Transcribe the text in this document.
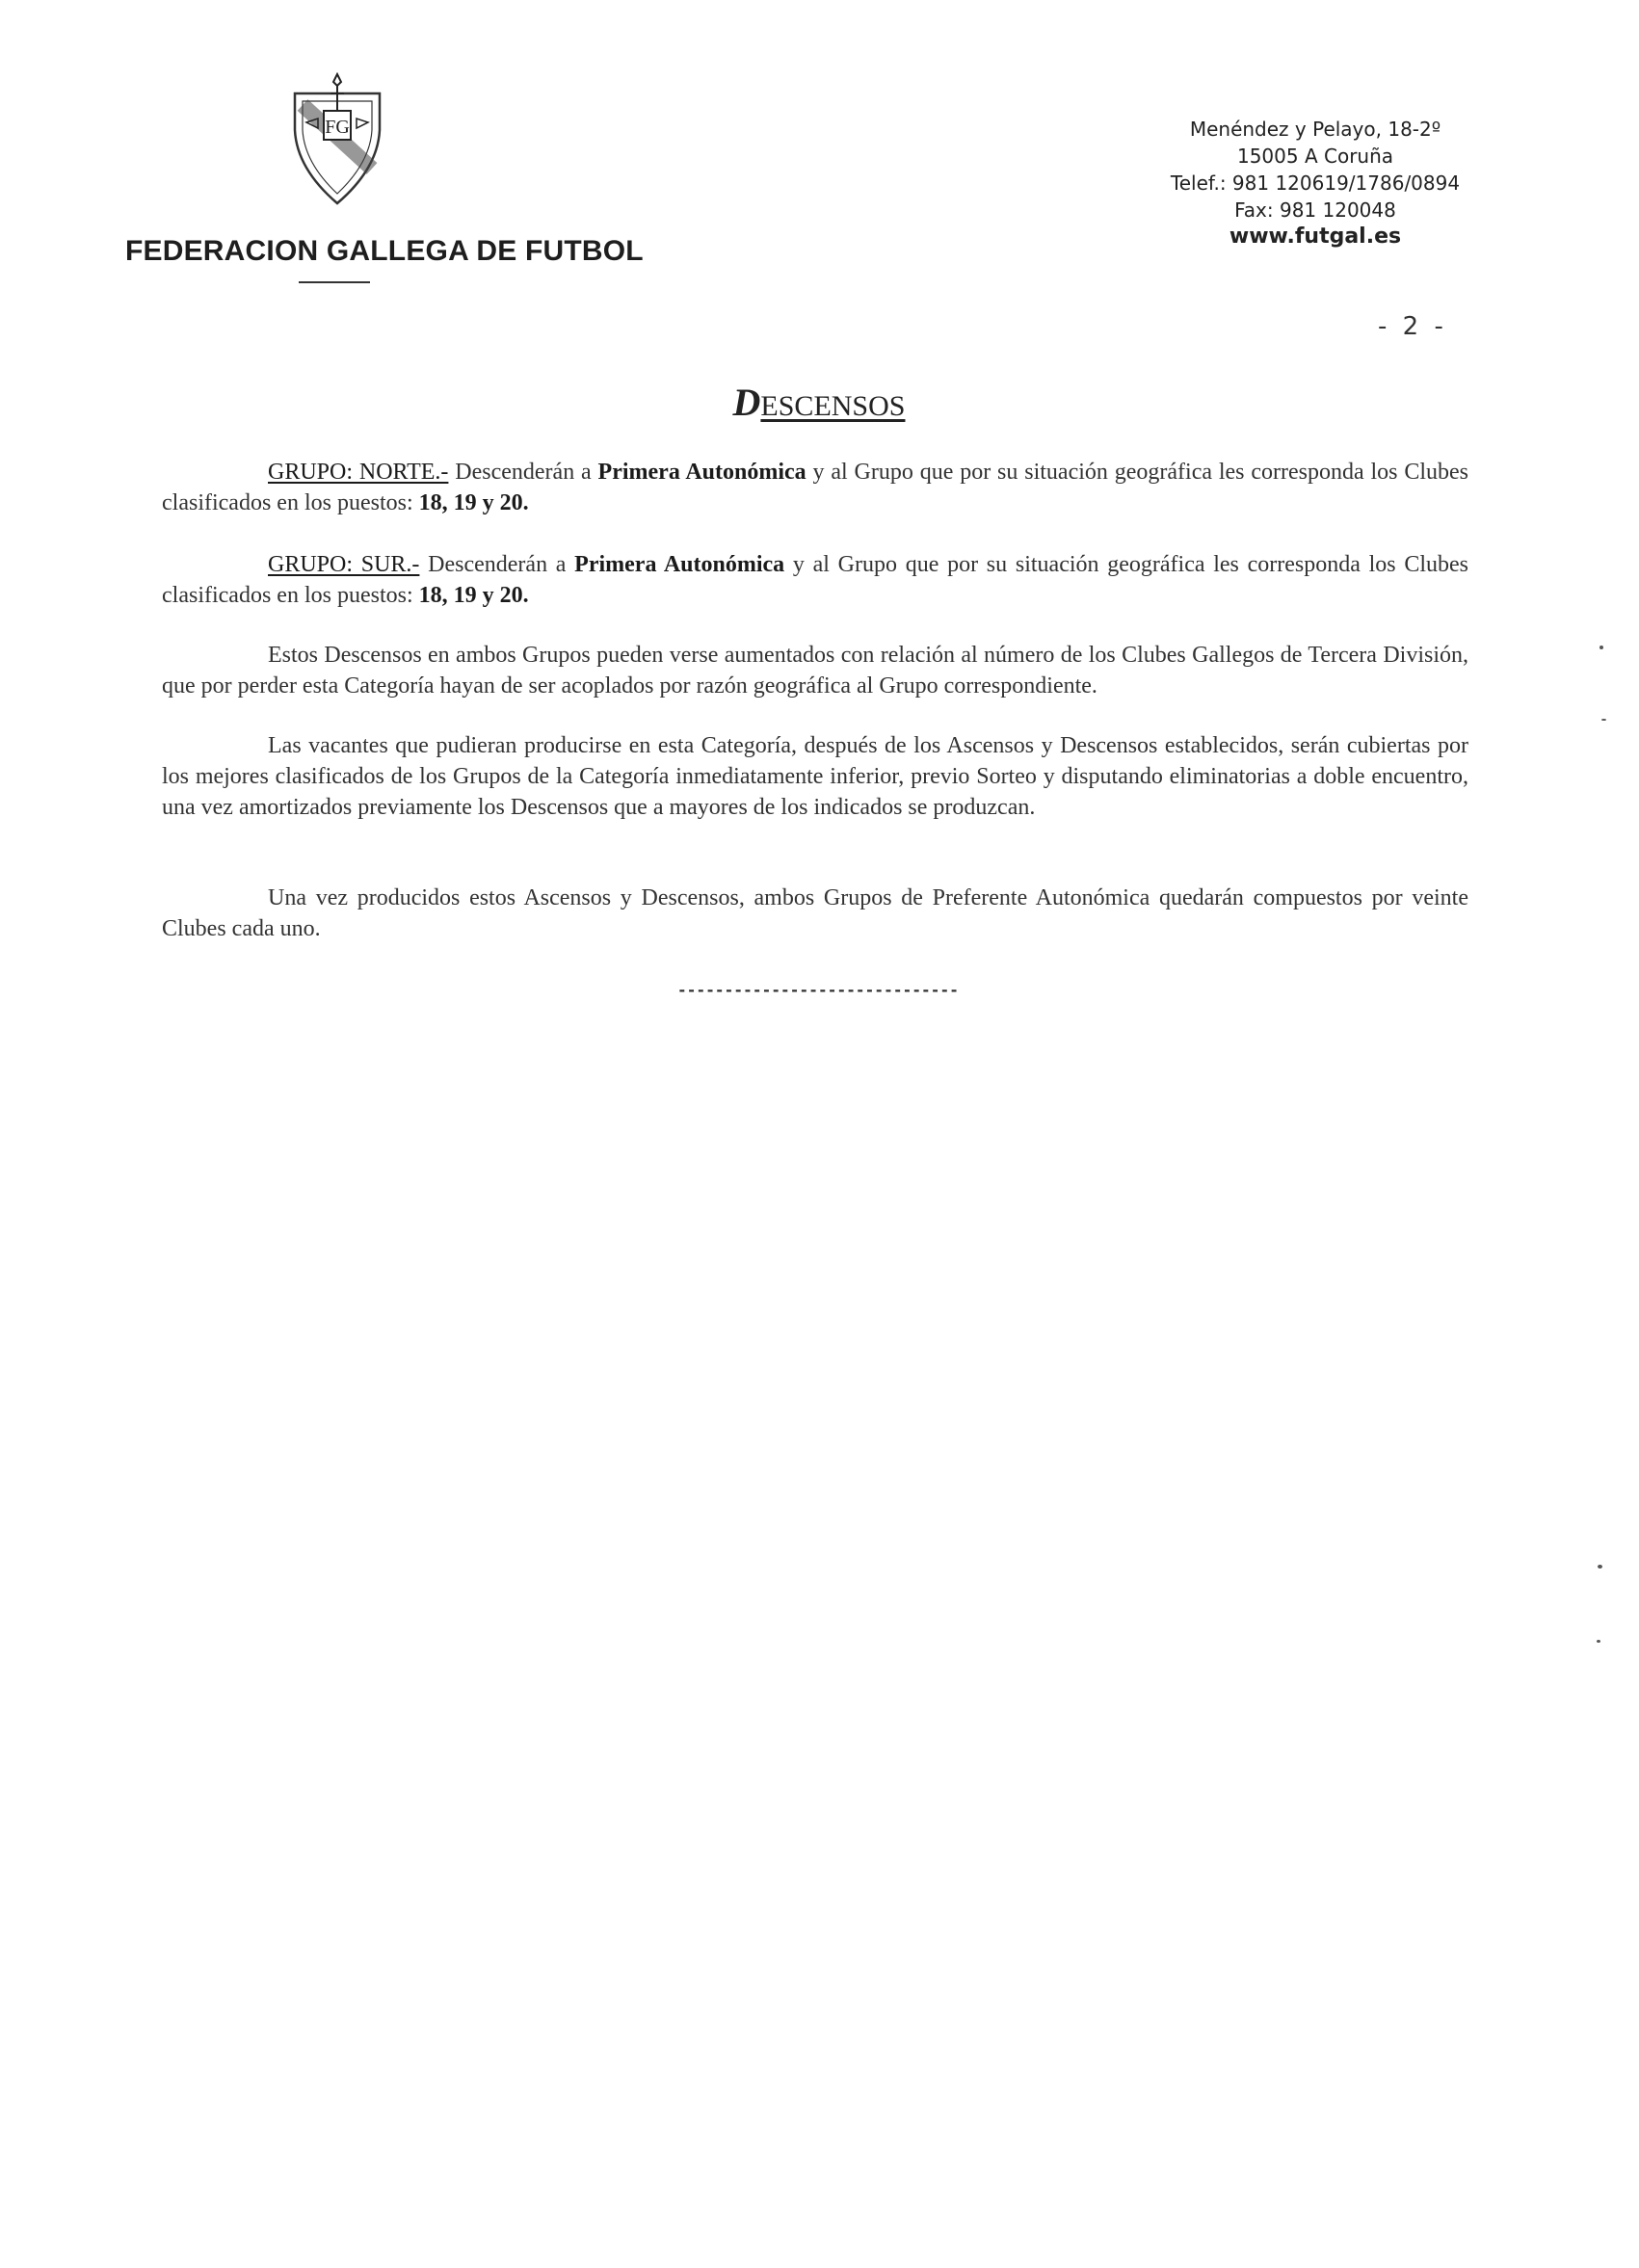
FG
FEDERACION GALLEGA DE FUTBOL
Menéndez y Pelayo, 18-2º
15005 A Coruña
Telef.: 981 120619/1786/0894
Fax: 981 120048
www.futgal.es
- 2 -
DESCENSOS

GRUPO: NORTE.- Descenderán a Primera Autonómica y al Grupo que por su situación geográfica les corresponda los Clubes clasificados en los puestos: 18, 19 y 20.

GRUPO: SUR.- Descenderán a Primera Autonómica y al Grupo que por su situación geográfica les corresponda los Clubes clasificados en los puestos: 18, 19 y 20.

Estos Descensos en ambos Grupos pueden verse aumentados con relación al número de los Clubes Gallegos de Tercera División, que por perder esta Categoría hayan de ser acoplados por razón geográfica al Grupo correspondiente.

Las vacantes que pudieran producirse en esta Categoría, después de los Ascensos y Descensos establecidos, serán cubiertas por los mejores clasificados de los Grupos de la Categoría inmediatamente inferior, previo Sorteo y disputando eliminatorias a doble encuentro, una vez amortizados previamente los Descensos que a mayores de los indicados se produzcan.

Una vez producidos estos Ascensos y Descensos, ambos Grupos de Preferente Autonómica quedarán compuestos por veinte Clubes cada uno.

------------------------------
